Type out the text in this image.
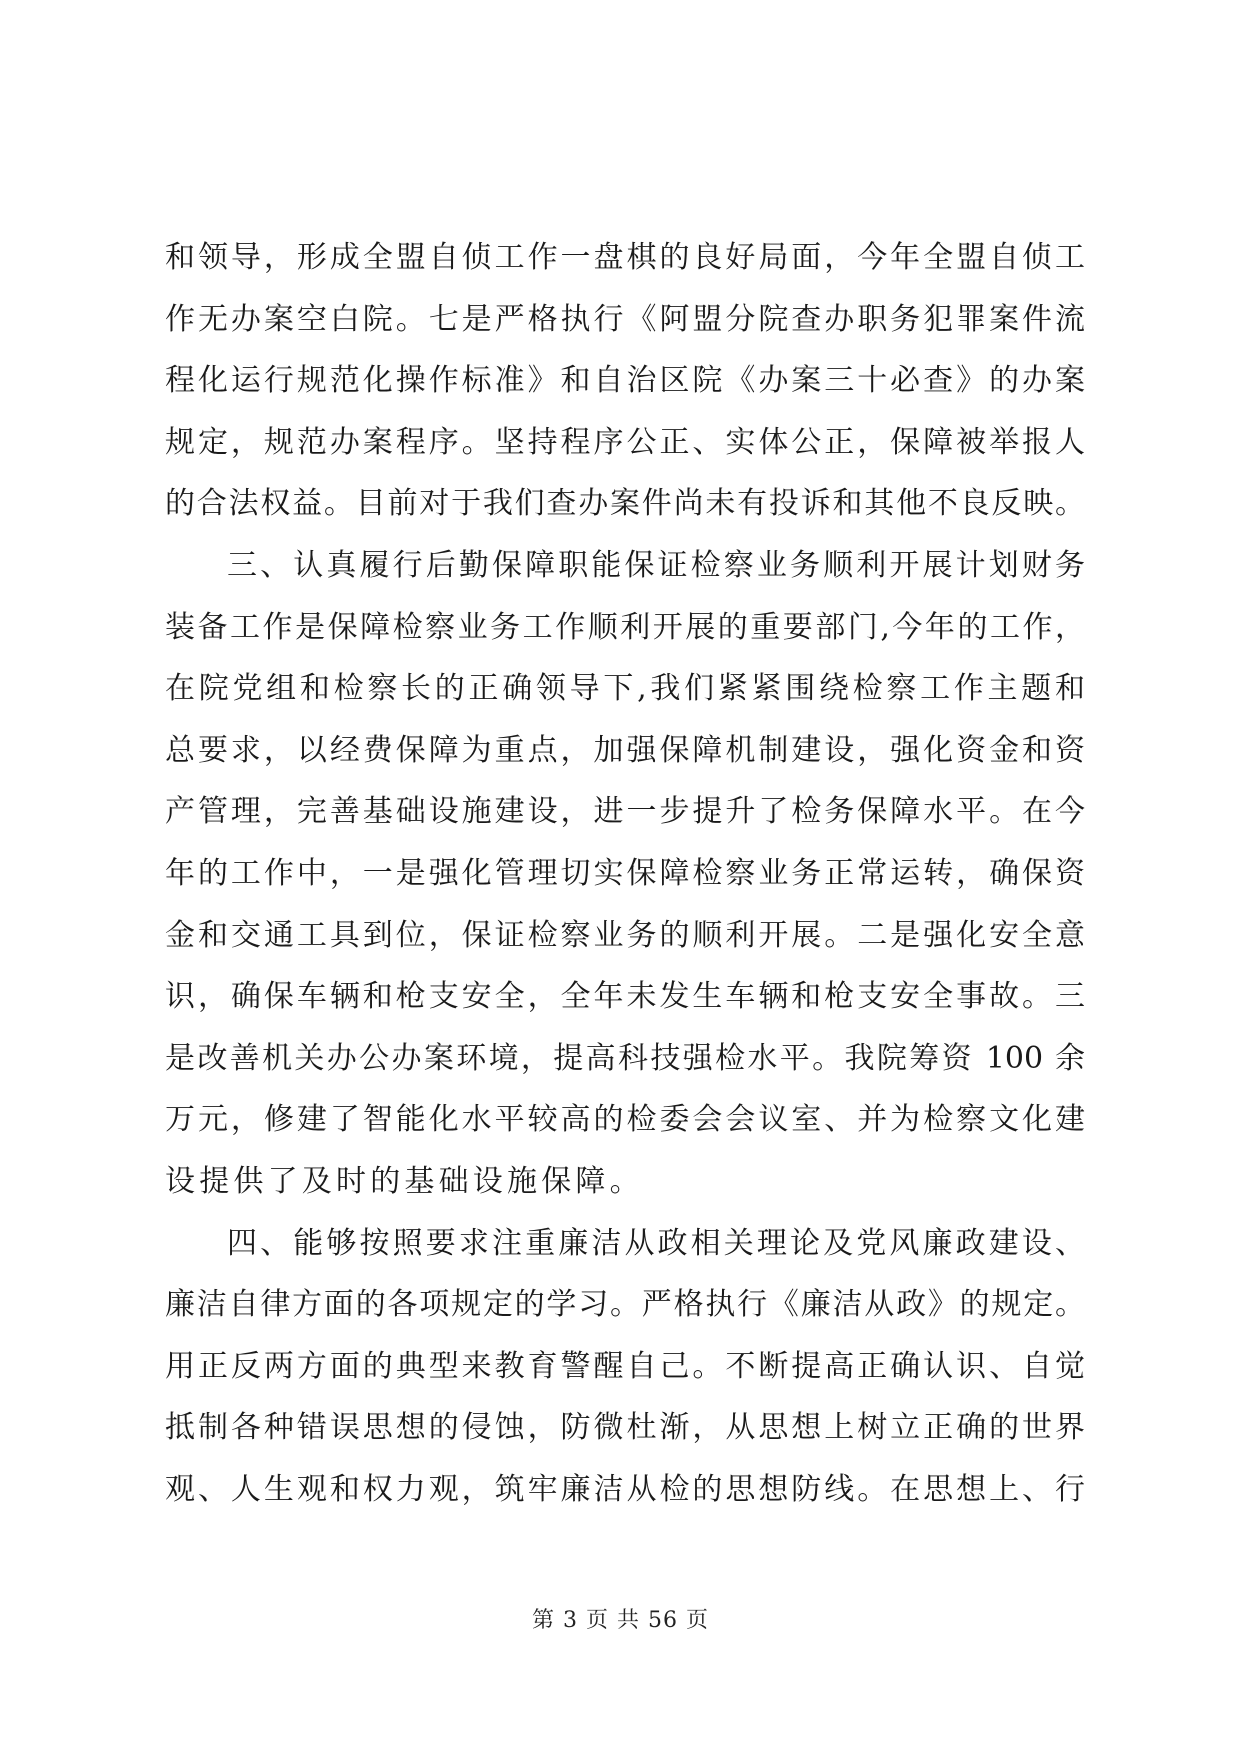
和领导，形成全盟自侦工作一盘棋的良好局面，今年全盟自侦工
作无办案空白院。七是严格执行《阿盟分院查办职务犯罪案件流
程化运行规范化操作标准》和自治区院《办案三十必查》的办案
规定，规范办案程序。坚持程序公正、实体公正，保障被举报人
的合法权益。目前对于我们查办案件尚未有投诉和其他不良反映。
三、认真履行后勤保障职能保证检察业务顺利开展计划财务
装备工作是保障检察业务工作顺利开展的重要部门,今年的工作，
在院党组和检察长的正确领导下,我们紧紧围绕检察工作主题和
总要求，以经费保障为重点，加强保障机制建设，强化资金和资
产管理，完善基础设施建设，进一步提升了检务保障水平。在今
年的工作中，一是强化管理切实保障检察业务正常运转，确保资
金和交通工具到位，保证检察业务的顺利开展。二是强化安全意
识，确保车辆和枪支安全，全年未发生车辆和枪支安全事故。三
是改善机关办公办案环境，提高科技强检水平。我院筹资 100 余
万元，修建了智能化水平较高的检委会会议室、并为检察文化建
设提供了及时的基础设施保障。
四、能够按照要求注重廉洁从政相关理论及党风廉政建设、
廉洁自律方面的各项规定的学习。严格执行《廉洁从政》的规定。
用正反两方面的典型来教育警醒自己。不断提高正确认识、自觉
抵制各种错误思想的侵蚀，防微杜渐，从思想上树立正确的世界
观、人生观和权力观，筑牢廉洁从检的思想防线。在思想上、行
第 3 页 共 56 页
